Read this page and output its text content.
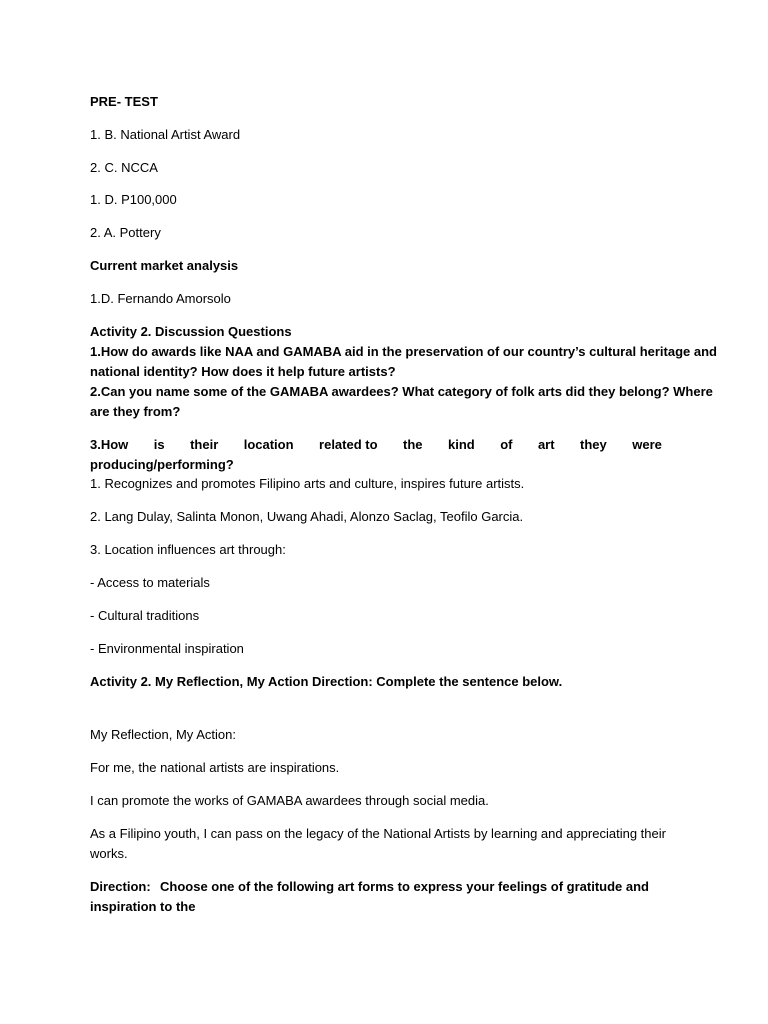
PRE- TEST
1. B. National Artist Award
2. C. NCCA
1. D. P100,000
2. A. Pottery
Current market analysis
1.D. Fernando Amorsolo
Activity 2. Discussion Questions
1.How do awards like NAA and GAMABA aid in the preservation of our country’s cultural heritage and
national identity? How does it help future artists?
2.Can you name some of the GAMABA awardees? What category of folk arts did they belong? Where
are they from?
3.How is their location related to the kind of art they were
producing/performing?
1. Recognizes and promotes Filipino arts and culture, inspires future artists.
2. Lang Dulay, Salinta Monon, Uwang Ahadi, Alonzo Saclag, Teofilo Garcia.
3. Location influences art through:
- Access to materials
- Cultural traditions
- Environmental inspiration
Activity 2. My Reflection, My Action Direction: Complete the sentence below.
My Reflection, My Action:
For me, the national artists are inspirations.
I can promote the works of GAMABA awardees through social media.
As a Filipino youth, I can pass on the legacy of the National Artists by learning and appreciating their
works.
Direction: Choose one of the following art forms to express your feelings of gratitude and
inspiration to the
